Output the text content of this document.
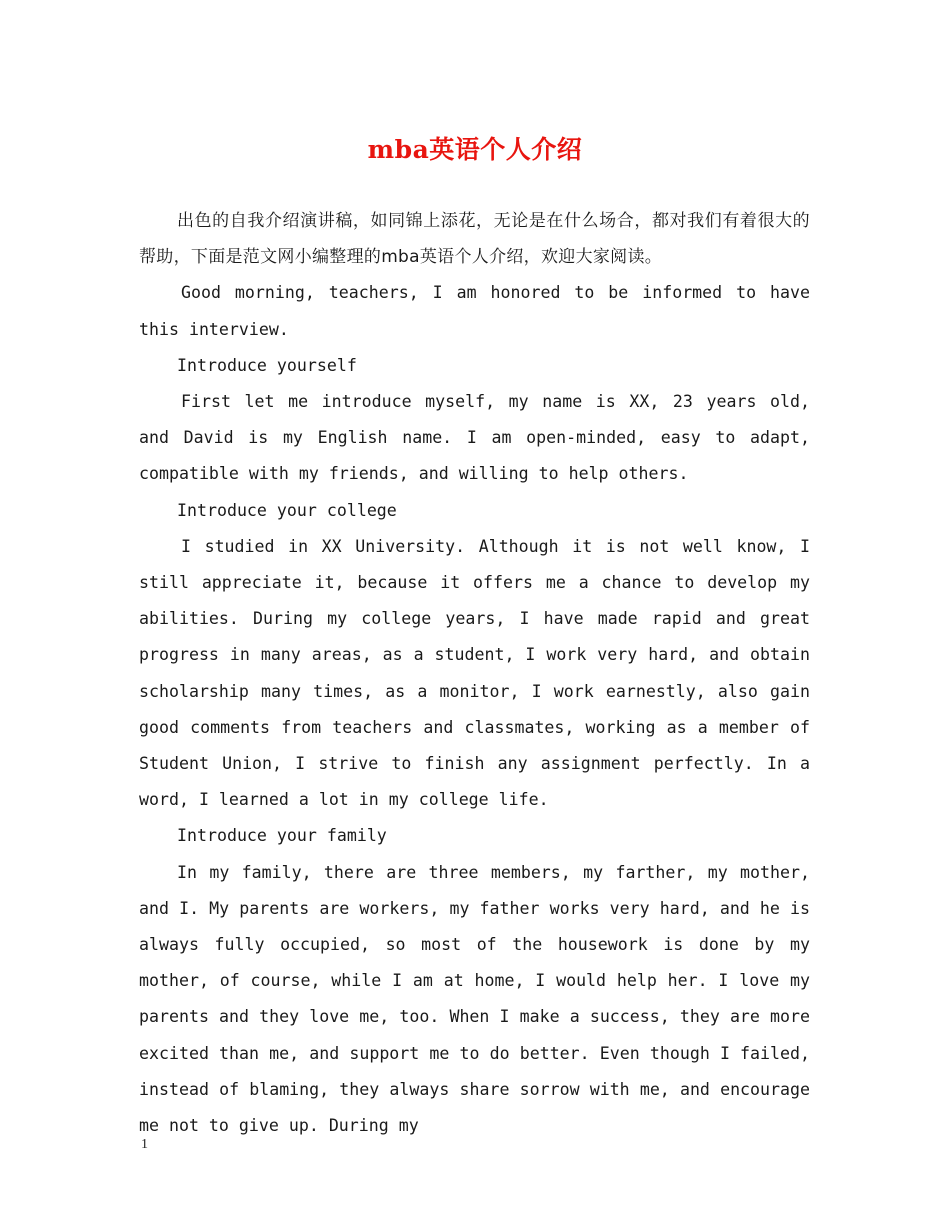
mba英语个人介绍

出色的自我介绍演讲稿，如同锦上添花，无论是在什么场合，都对我们有着很大的帮助，下面是范文网小编整理的mba英语个人介绍，欢迎大家阅读。

Good morning, teachers, I am honored to be informed to have this interview.

Introduce yourself

First let me introduce myself, my name is XX, 23 years old, and David is my English name. I am open-minded, easy to adapt, compatible with my friends, and willing to help others.

Introduce your college

I studied in XX University. Although it is not well know, I still appreciate it, because it offers me a chance to develop my abilities. During my college years, I have made rapid and great progress in many areas, as a student, I work very hard, and obtain scholarship many times, as a monitor, I work earnestly, also gain good comments from teachers and classmates, working as a member of Student Union, I strive to finish any assignment perfectly. In a word, I learned a lot in my college life.

Introduce your family

In my family, there are three members, my farther, my mother, and I. My parents are workers, my father works very hard, and he is always fully occupied, so most of the housework is done by my mother, of course, while I am at home, I would help her. I love my parents and they love me, too. When I make a success, they are more excited than me, and support me to do better. Even though I failed, instead of blaming, they always share sorrow with me, and encourage me not to give up. During my

1
